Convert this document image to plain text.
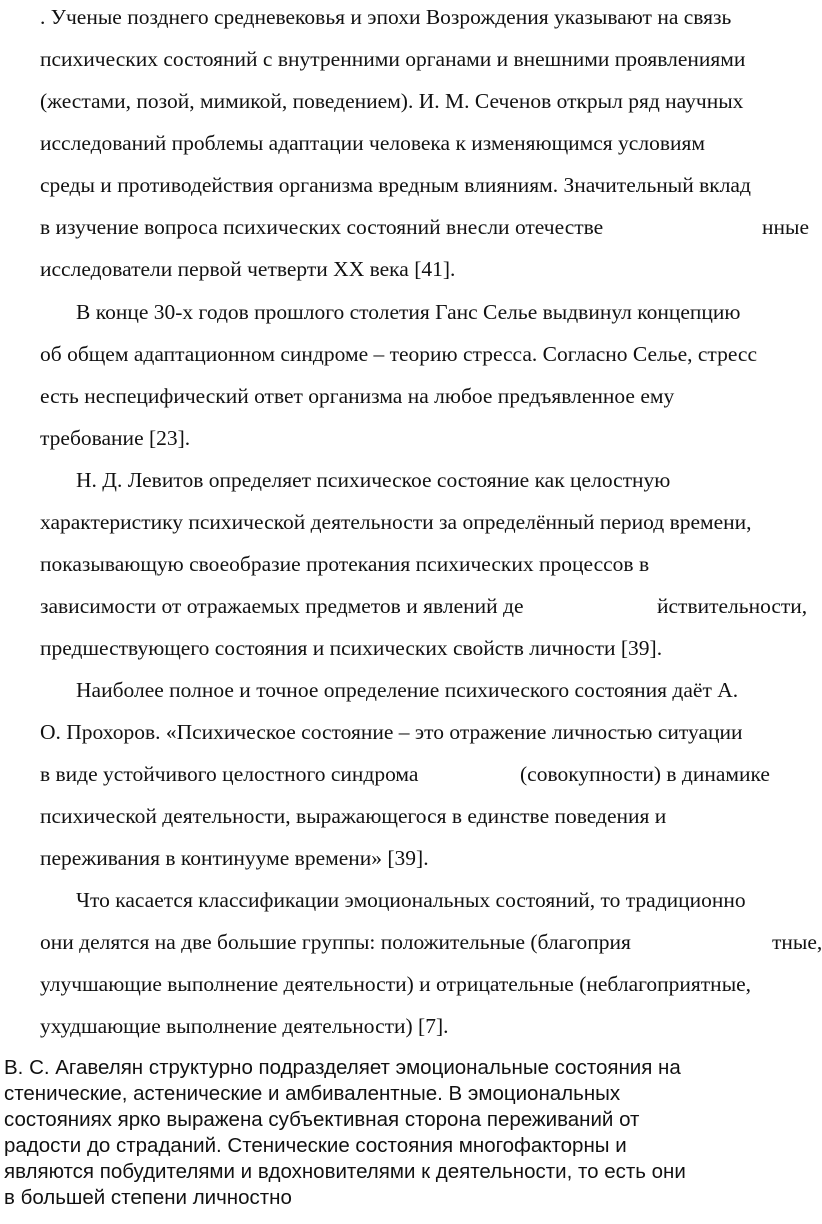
. Ученые позднего средневековья и эпохи Возрождения указывают на связь

психических состояний с внутренними органами и внешними проявлениями

(жестами, позой, мимикой, поведением). И. М. Сеченов открыл ряд научных

исследований проблемы адаптации человека к изменяющимся условиям

среды и противодействия организма вредным влияниям. Значительный вклад

в изучение вопроса психических состояний внесли отечестве	нные

исследователи первой четверти XX века [41].

В конце 30-х годов прошлого столетия Ганс Селье выдвинул концепцию

об общем адаптационном синдроме – теорию стресса. Согласно Селье, стресс

есть неспецифический ответ организма на любое предъявленное ему

требование [23].

Н. Д. Левитов определяет психическое состояние как целостную

характеристику психической деятельности за определённый период времени,

показывающую своеобразие протекания психических процессов в

зависимости от отражаемых предметов и явлений де	йствительности,

предшествующего состояния и психических свойств личности [39].

Наиболее полное и точное определение психического состояния даёт А.

О. Прохоров. «Психическое состояние – это отражение личностью ситуации

в виде устойчивого целостного синдрома	(совокупности) в динамике

психической деятельности, выражающегося в единстве поведения и

переживания в континууме времени» [39].

Что касается классификации эмоциональных состояний, то традиционно

они делятся на две большие группы: положительные (благоприя	тные,

улучшающие выполнение деятельности) и отрицательные (неблагоприятные,

ухудшающие выполнение деятельности) [7].

В. С. Агавелян структурно подразделяет эмоциональные состояния на

стенические, астенические и амбивалентные. В эмоциональных

состояниях ярко выражена субъективная сторона переживаний от

радости до страданий. Стенические состояния многофакторны и

являются побудителями и вдохновителями к деятельности, то есть они

в большей степени личностно
